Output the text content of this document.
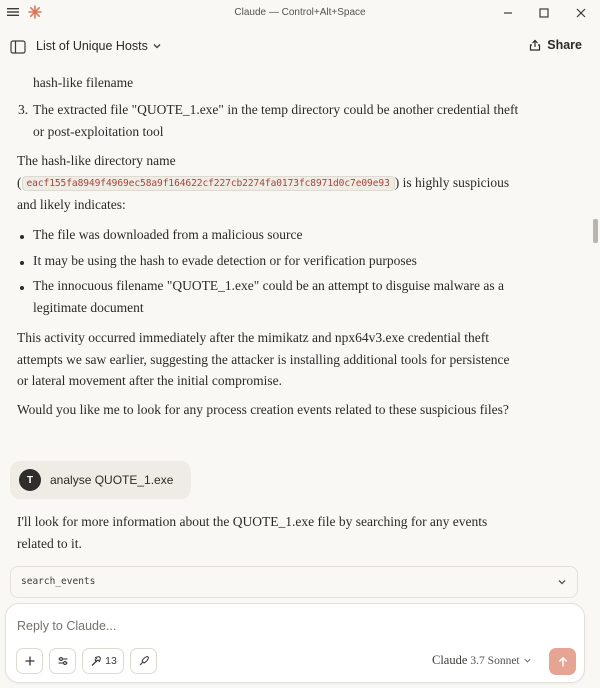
Claude — Control+Alt+Space
List of Unique Hosts	Share

hash-like filename

3. The extracted file "QUOTE_1.exe" in the temp directory could be another credential theft

or post-exploitation tool

The hash-like directory name

( eacf155fa8949f4969ec58a9f164622cf227cb2274fa0173fc8971d0c7e09e93 ) is highly suspicious

and likely indicates:

The file was downloaded from a malicious source

It may be using the hash to evade detection or for verification purposes

The innocuous filename "QUOTE_1.exe" could be an attempt to disguise malware as a

legitimate document

This activity occurred immediately after the mimikatz and npx64v3.exe credential theft

attempts we saw earlier, suggesting the attacker is installing additional tools for persistence

or lateral movement after the initial compromise.

Would you like me to look for any process creation events related to these suspicious files?

I'll look for more information about the QUOTE_1.exe file by searching for any events

related to it.

T	analyse QUOTE_1.exe
search_events
Reply to Claude...
13	Claude 3.7 Sonnet
